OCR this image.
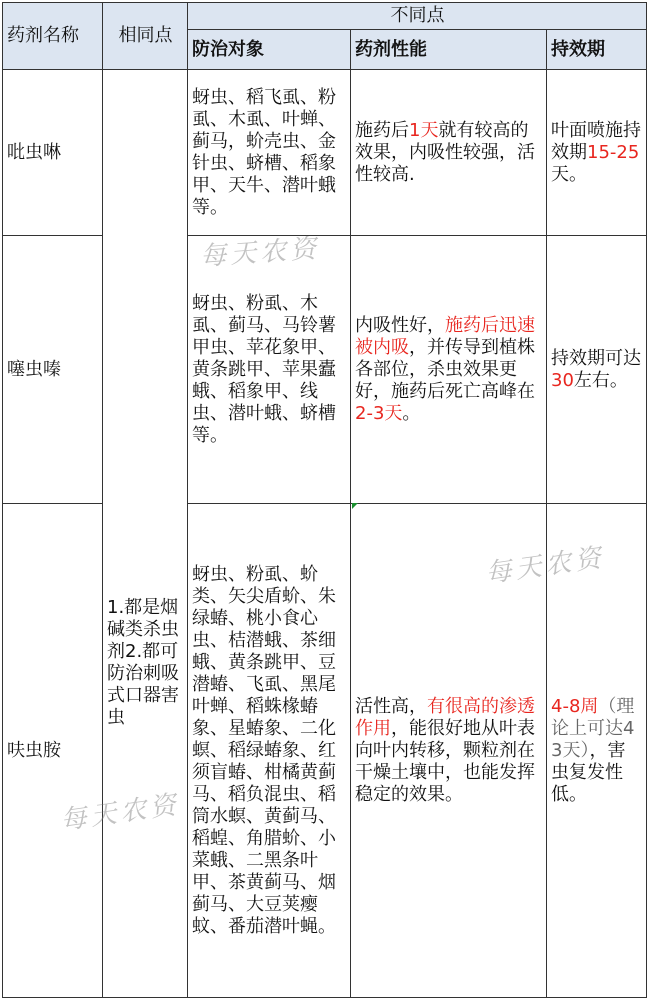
药剂名称	相同点	不同点		
		防治对象	药剂性能	持效期
吡虫啉	1.都是烟碱类杀虫剂2.都可防治刺吸式口器害虫	蚜虫、稻飞虱、粉虱、木虱、叶蝉、蓟马，蚧壳虫、金针虫、蛴槽、稻象甲、天牛、潜叶蛾等。	施药后1天就有较高的效果，内吸性较强，活性较高.	叶面喷施持效期15-25天。
噻虫嗪		蚜虫、粉虱、木虱、蓟马、马铃薯甲虫、苹花象甲、黄条跳甲、苹果蠹蛾、稻象甲、线虫、潜叶蛾、蛴槽等。	内吸性好，施药后迅速被内吸，并传导到植株各部位，杀虫效果更好，施药后死亡高峰在2-3天。	持效期可达30左右。
呋虫胺		蚜虫、粉虱、蚧类、矢尖盾蚧、朱绿蝽、桃小食心虫、桔潜蛾、茶细蛾、黄条跳甲、豆潜蝽、飞虱、黑尾叶蝉、稻蛛椽蝽象、星蝽象、二化螟、稻绿蝽象、红须盲蝽、柑橘黄蓟马、稻负混虫、稻筒水螟、黄蓟马、稻蝗、角腊蚧、小菜蛾、二黑条叶甲、茶黄蓟马、烟蓟马、大豆荚瘿蚊、番茄潜叶蝇。	活性高，有很高的渗透作用，能很好地从叶表向叶内转移，颗粒剂在干燥土壤中，也能发挥稳定的效果。	4-8周（理论上可达43天），害虫复发性低。
每天农资
每天农资
每天农资
